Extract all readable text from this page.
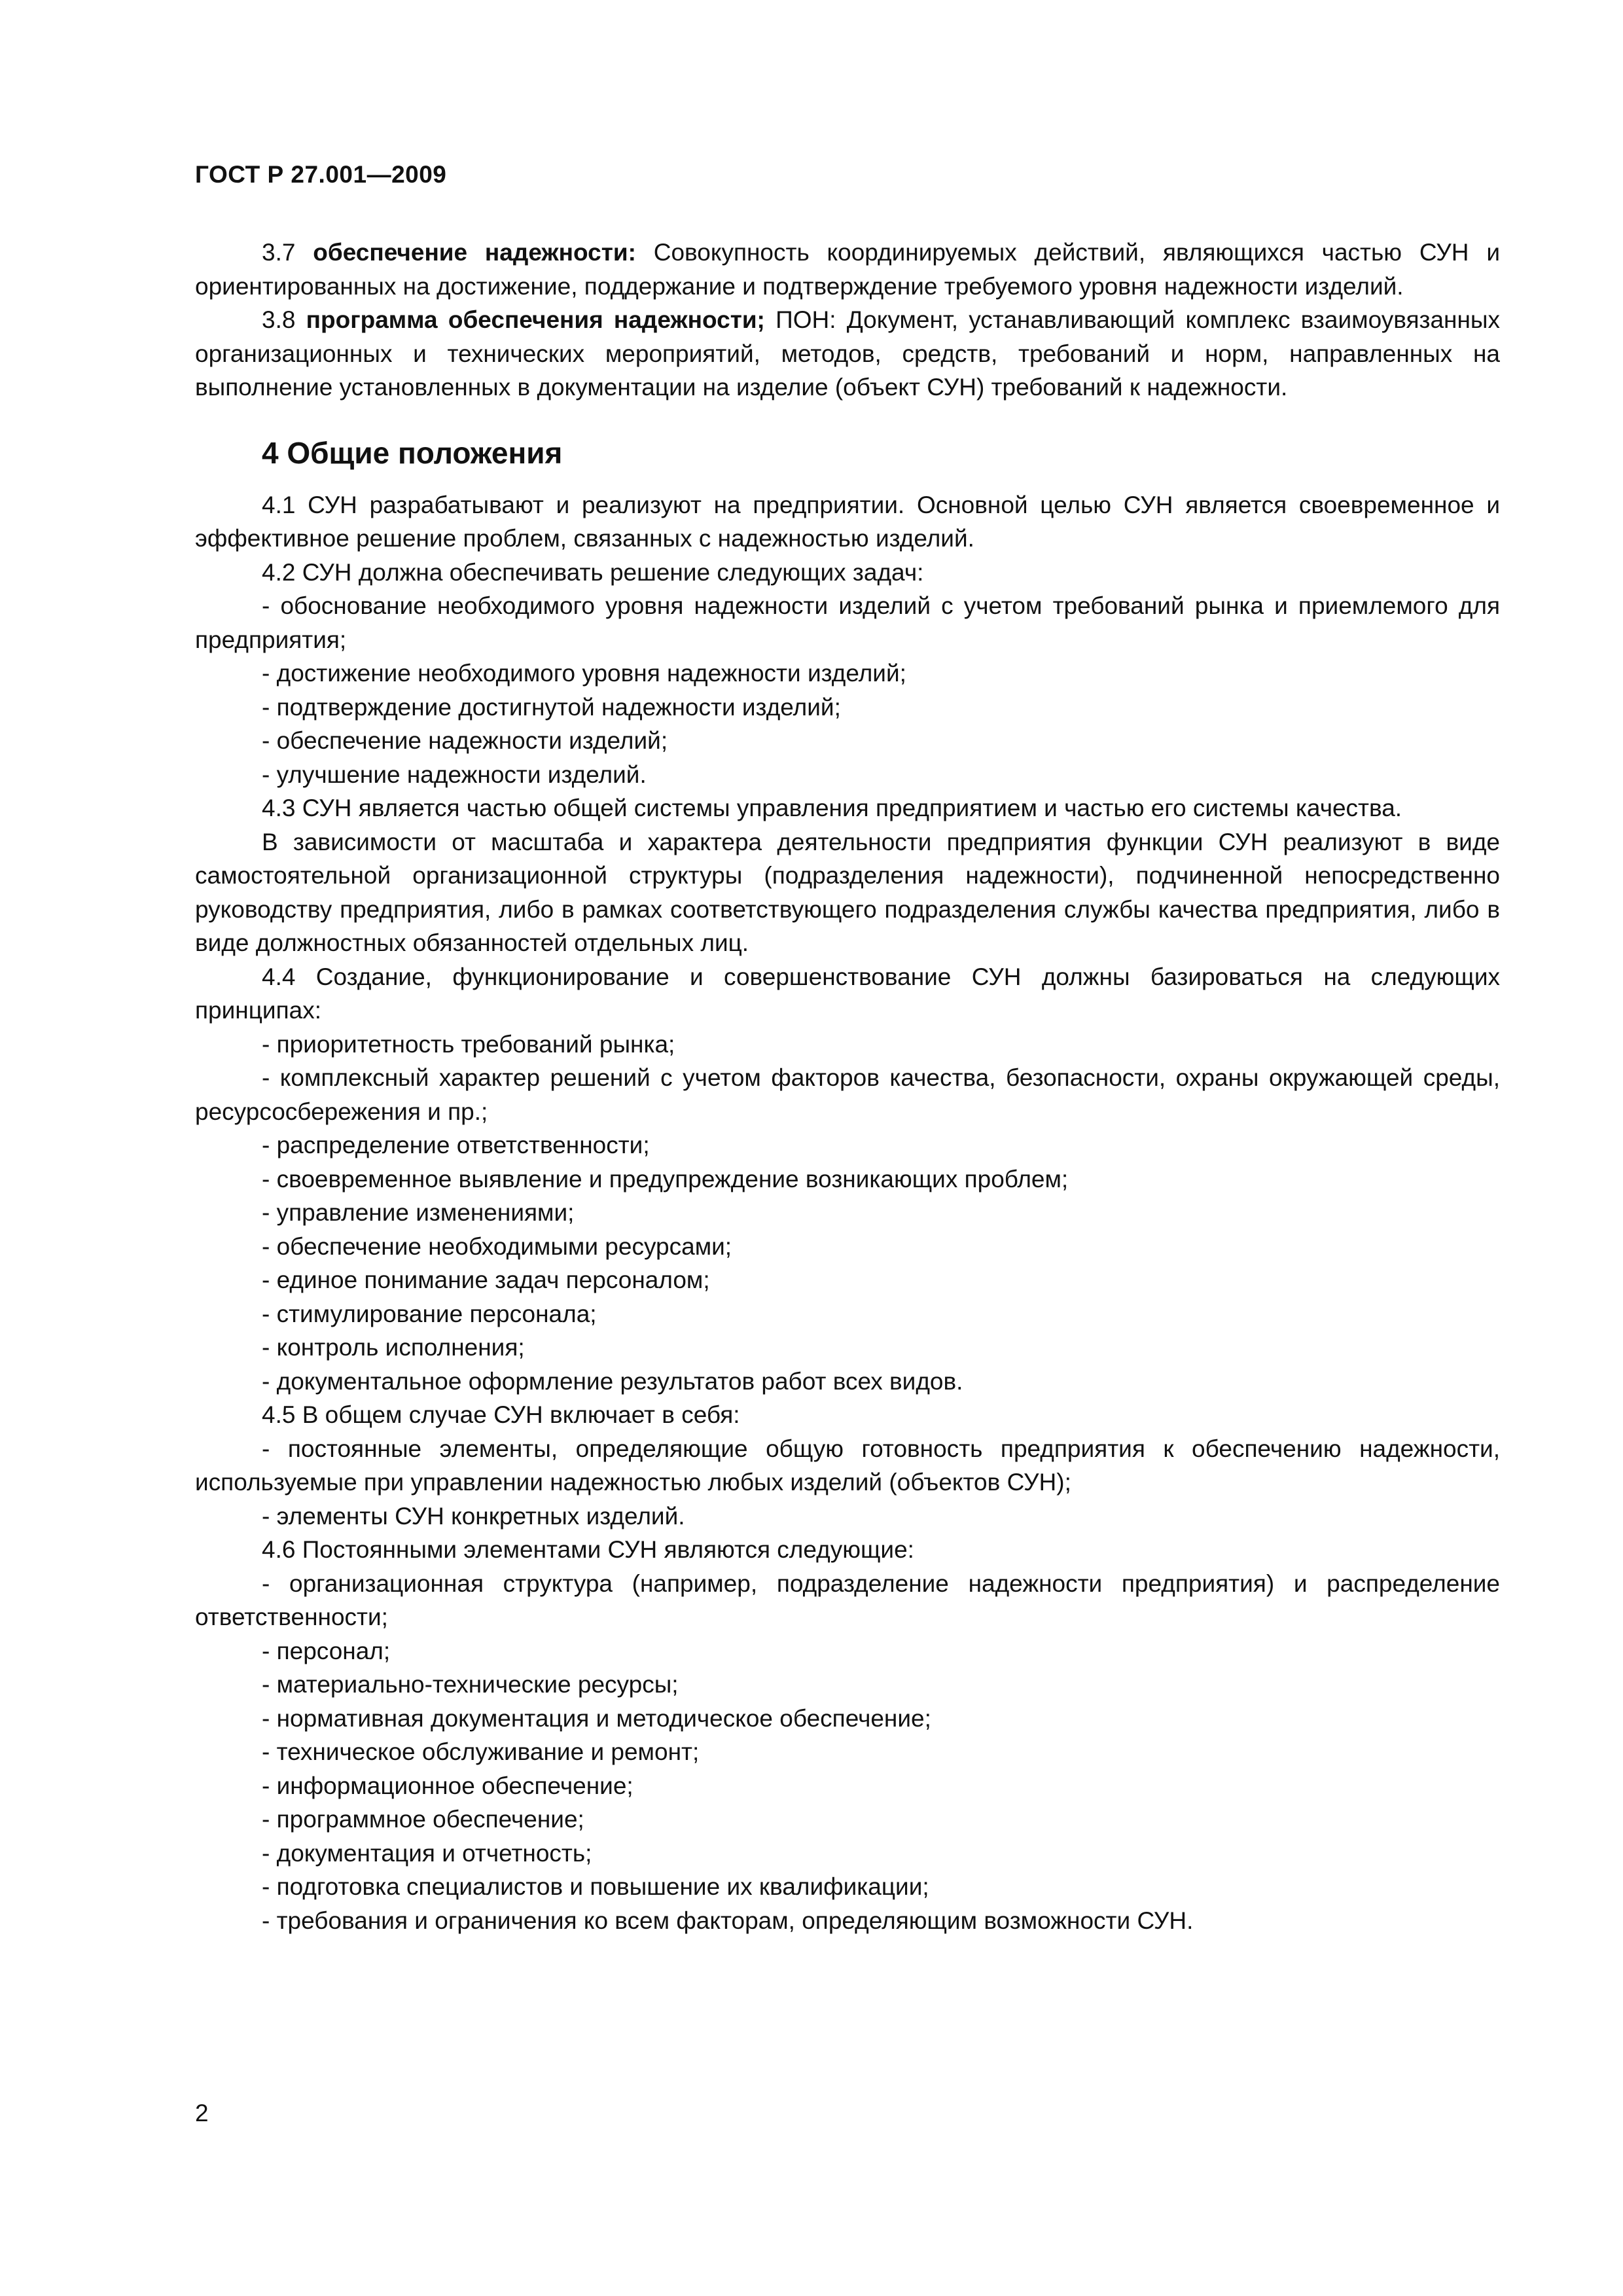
ГОСТ Р 27.001—2009

3.7 обеспечение надежности: Совокупность координируемых действий, являющихся частью СУН и ориентированных на достижение, поддержание и подтверждение требуемого уровня надежности изделий.

3.8 программа обеспечения надежности; ПОН: Документ, устанавливающий комплекс взаимоувязанных организационных и технических мероприятий, методов, средств, требований и норм, направленных на выполнение установленных в документации на изделие (объект СУН) требований к надежности.

4 Общие положения

4.1 СУН разрабатывают и реализуют на предприятии. Основной целью СУН является своевременное и эффективное решение проблем, связанных с надежностью изделий.

4.2 СУН должна обеспечивать решение следующих задач:

- обоснование необходимого уровня надежности изделий с учетом требований рынка и приемлемого для предприятия;

- достижение необходимого уровня надежности изделий;

- подтверждение достигнутой надежности изделий;

- обеспечение надежности изделий;

- улучшение надежности изделий.

4.3 СУН является частью общей системы управления предприятием и частью его системы качества.

В зависимости от масштаба и характера деятельности предприятия функции СУН реализуют в виде самостоятельной организационной структуры (подразделения надежности), подчиненной непосредственно руководству предприятия, либо в рамках соответствующего подразделения службы качества предприятия, либо в виде должностных обязанностей отдельных лиц.

4.4 Создание, функционирование и совершенствование СУН должны базироваться на следующих принципах:

- приоритетность требований рынка;

- комплексный характер решений с учетом факторов качества, безопасности, охраны окружающей среды, ресурсосбережения и пр.;

- распределение ответственности;

- своевременное выявление и предупреждение возникающих проблем;

- управление изменениями;

- обеспечение необходимыми ресурсами;

- единое понимание задач персоналом;

- стимулирование персонала;

- контроль исполнения;

- документальное оформление результатов работ всех видов.

4.5 В общем случае СУН включает в себя:

- постоянные элементы, определяющие общую готовность предприятия к обеспечению надежности, используемые при управлении надежностью любых изделий (объектов СУН);

- элементы СУН конкретных изделий.

4.6 Постоянными элементами СУН являются следующие:

- организационная структура (например, подразделение надежности предприятия) и распределение ответственности;

- персонал;

- материально-технические ресурсы;

- нормативная документация и методическое обеспечение;

- техническое обслуживание и ремонт;

- информационное обеспечение;

- программное обеспечение;

- документация и отчетность;

- подготовка специалистов и повышение их квалификации;

- требования и ограничения ко всем факторам, определяющим возможности СУН.

2
